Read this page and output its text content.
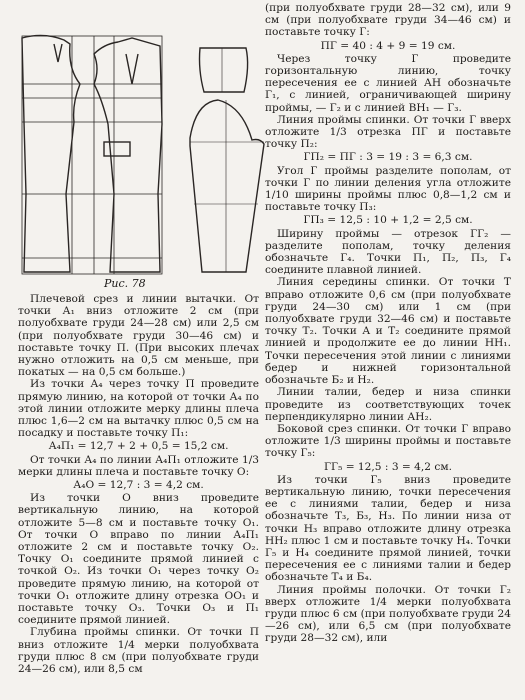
Рис. 78

Плечевой срез и линии вытачки. От точки А₁ вниз отложите 2 см (при полуобхвате груди 24—28 см) или 2,5 см (при полуобхвате груди 30—46 см) и поставьте точку П. (При высоких плечах нужно отложить на 0,5 см меньше, при покатых — на 0,5 см больше.)

Из точки А₄ через точку П проведите прямую линию, на которой от точки А₄ по этой линии отложите мерку длины плеча плюс 1,6—2 см на вытачку плюс 0,5 см на посадку и поставьте точку П₁:

А₄П₁ = 12,7 + 2 + 0,5 = 15,2 см.

От точки А₄ по линии А₄П₁ отложите 1/3 мерки длины плеча и поставьте точку О:

А₄О = 12,7 : 3 = 4,2 см.

Из точки О вниз проведите вертикальную линию, на которой отложите 5—8 см и поставьте точку О₁. От точки О вправо по линии А₄П₁ отложите 2 см и поставьте точку О₂. Точку О₁ соедините прямой линией с точкой О₂. Из точки О₁ через точку О₂ проведите прямую линию, на которой от точки О₁ отложите длину отрезка ОО₁ и поставьте точку О₃. Точки О₃ и П₁ соедините прямой линией.

Глубина проймы спинки. От точки П вниз отложите 1/4 мерки полуобхвата груди плюс 8 см (при полуобхвате груди 24—26 см), или 8,5 см

(при полуобхвате груди 28—32 см), или 9 см (при полуобхвате груди 34—46 см) и поставьте точку Г:

ПГ = 40 : 4 + 9 = 19 см.

Через точку Г проведите горизонтальную линию, точку пересечения ее с линией АН обозначьте Г₁, с линией, ограничивающей ширину проймы, — Г₂ и с линией ВН₁ — Г₃.

Линия проймы спинки. От точки Г вверх отложите 1/3 отрезка ПГ и поставьте точку П₂:

ГП₂ = ПГ : 3 = 19 : 3 = 6,3 см.

Угол Г проймы разделите пополам, от точки Г по линии деления угла отложите 1/10 ширины проймы плюс 0,8—1,2 см и поставьте точку П₃:

ГП₃ = 12,5 : 10 + 1,2 = 2,5 см.

Ширину проймы — отрезок ГГ₂ — разделите пополам, точку деления обозначьте Г₄. Точки П₁, П₂, П₃, Г₄ соедините плавной линией.

Линия середины спинки. От точки Т вправо отложите 0,6 см (при полуобхвате груди 24—30 см) или 1 см (при полуобхвате груди 32—46 см) и поставьте точку Т₂. Точки А и Т₂ соедините прямой линией и продолжите ее до линии НН₁. Точки пересечения этой линии с линиями бедер и нижней горизонтальной обозначьте Б₂ и Н₂.

Линии талии, бедер и низа спинки проведите из соответствующих точек перпендикулярно линии АН₂.

Боковой срез спинки. От точки Г вправо отложите 1/3 ширины проймы и поставьте точку Г₅:

ГГ₅ = 12,5 : 3 = 4,2 см.

Из точки Г₅ вниз проведите вертикальную линию, точки пересечения ее с линиями талии, бедер и низа обозначьте Т₃, Б₃, Н₃. По линии низа от точки Н₃ вправо отложите длину отрезка НН₂ плюс 1 см и поставьте точку Н₄. Точки Г₅ и Н₄ соедините прямой линией, точки пересечения ее с линиями талии и бедер обозначьте Т₄ и Б₄.

Линия проймы полочки. От точки Г₂ вверх отложите 1/4 мерки полуобхвата груди плюс 6 см (при полуобхвате груди 24—26 см), или 6,5 см (при полуобхвате груди 28—32 см), или
